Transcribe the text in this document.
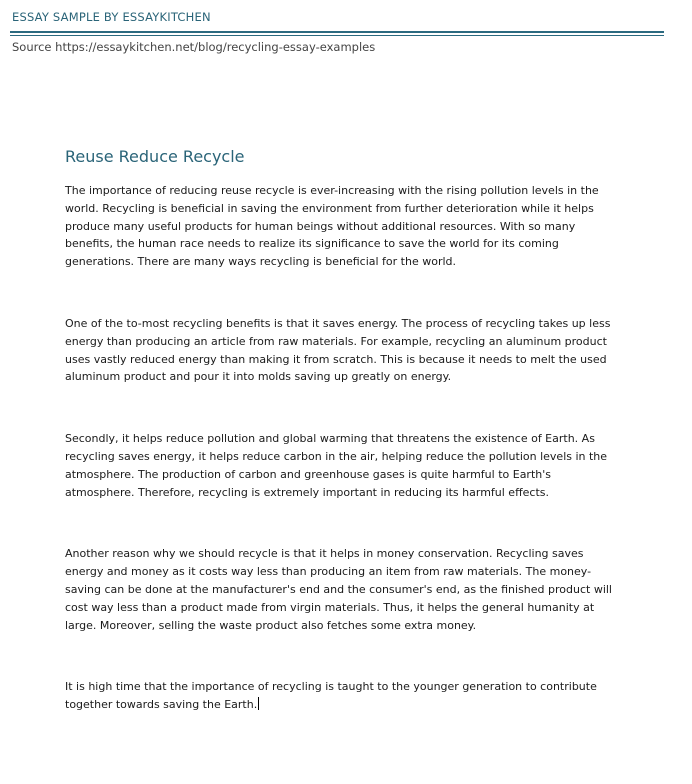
ESSAY SAMPLE BY ESSAYKITCHEN
Source https://essaykitchen.net/blog/recycling-essay-examples
Reuse Reduce Recycle

The importance of reducing reuse recycle is ever-increasing with the rising pollution levels in the world. Recycling is beneficial in saving the environment from further deterioration while it helps produce many useful products for human beings without additional resources. With so many benefits, the human race needs to realize its significance to save the world for its coming generations. There are many ways recycling is beneficial for the world.

One of the to-most recycling benefits is that it saves energy. The process of recycling takes up less energy than producing an article from raw materials. For example, recycling an aluminum product uses vastly reduced energy than making it from scratch. This is because it needs to melt the used aluminum product and pour it into molds saving up greatly on energy.

Secondly, it helps reduce pollution and global warming that threatens the existence of Earth. As recycling saves energy, it helps reduce carbon in the air, helping reduce the pollution levels in the atmosphere. The production of carbon and greenhouse gases is quite harmful to Earth's atmosphere. Therefore, recycling is extremely important in reducing its harmful effects.

Another reason why we should recycle is that it helps in money conservation. Recycling saves energy and money as it costs way less than producing an item from raw materials. The money-saving can be done at the manufacturer's end and the consumer's end, as the finished product will cost way less than a product made from virgin materials. Thus, it helps the general humanity at large. Moreover, selling the waste product also fetches some extra money.

It is high time that the importance of recycling is taught to the younger generation to contribute together towards saving the Earth.
